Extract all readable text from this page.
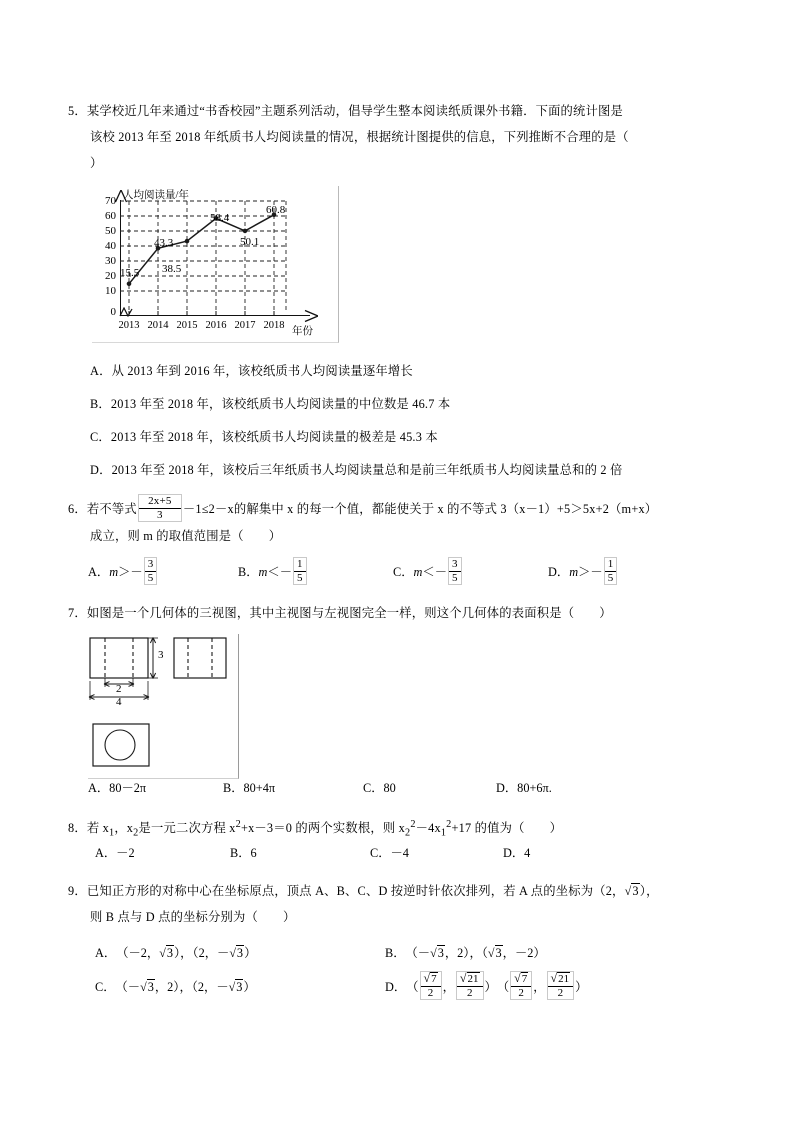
5．某学校近几年来通过“书香校园”主题系列活动，倡导学生整本阅读纸质课外书籍．下面的统计图是
该校 2013 年至 2018 年纸质书人均阅读量的情况，根据统计图提供的信息，下列推断不合理的是（
）
人均阅读量/年
年份
70
60
50
40
30
20
10
0
2013 2014 2015 2016 2017 2018
15.5 38.5
43.3
58.4
50.1
60.8
A．从 2013 年到 2016 年，该校纸质书人均阅读量逐年增长
B．2013 年至 2018 年，该校纸质书人均阅读量的中位数是 46.7 本
C．2013 年至 2018 年，该校纸质书人均阅读量的极差是 45.3 本
D．2013 年至 2018 年，该校后三年纸质书人均阅读量总和是前三年纸质书人均阅读量总和的 2 倍
6． 若不等式 $\frac{2x+5}{3} -1\le 2-x$ 的解集中 x 的每一个值，都能使关于 x 的不等式 3（x－1）+5＞5x+2（m+x）
成立，则 m 的取值范围是（　　）
A． m ＞ － $\frac{3}{5}$	B． m ＜ － $\frac{1}{5}$	C． m ＜ － $\frac{3}{5}$	D． m ＞ － $\frac{1}{5}$
7．如图是一个几何体的三视图，其中主视图与左视图完全一样，则这个几何体的表面积是（　　）
3
2
4
A．80－2π	B．80+4π	C．80	D．80+6π.
8．若 $x_1$，$x_2$是一元二次方程 $x^2+x-3=0$ 的两个实数根，则 $x_2^2-4x_1^2+17$ 的值为（　　）
A．－2	B．6	C．－4	D．4
9．已知正方形的对称中心在坐标原点，顶点 A、B、C、D 按逆时针依次排列，若 A 点的坐标为（2，√3），
则 B 点与 D 点的坐标分别为（　　）
A． （－2， √3 ），（2，－ √3 ）	B． （－ √3 ，2），（ √3 ，－2）
C． （－ √3 ，2），（2，－ √3 ）	D． （ $\frac{√7}{2}$ ， $\frac{√21}{2}$ ） （ $\frac{√7}{2}$ ， $\frac{√21}{2}$ ）
